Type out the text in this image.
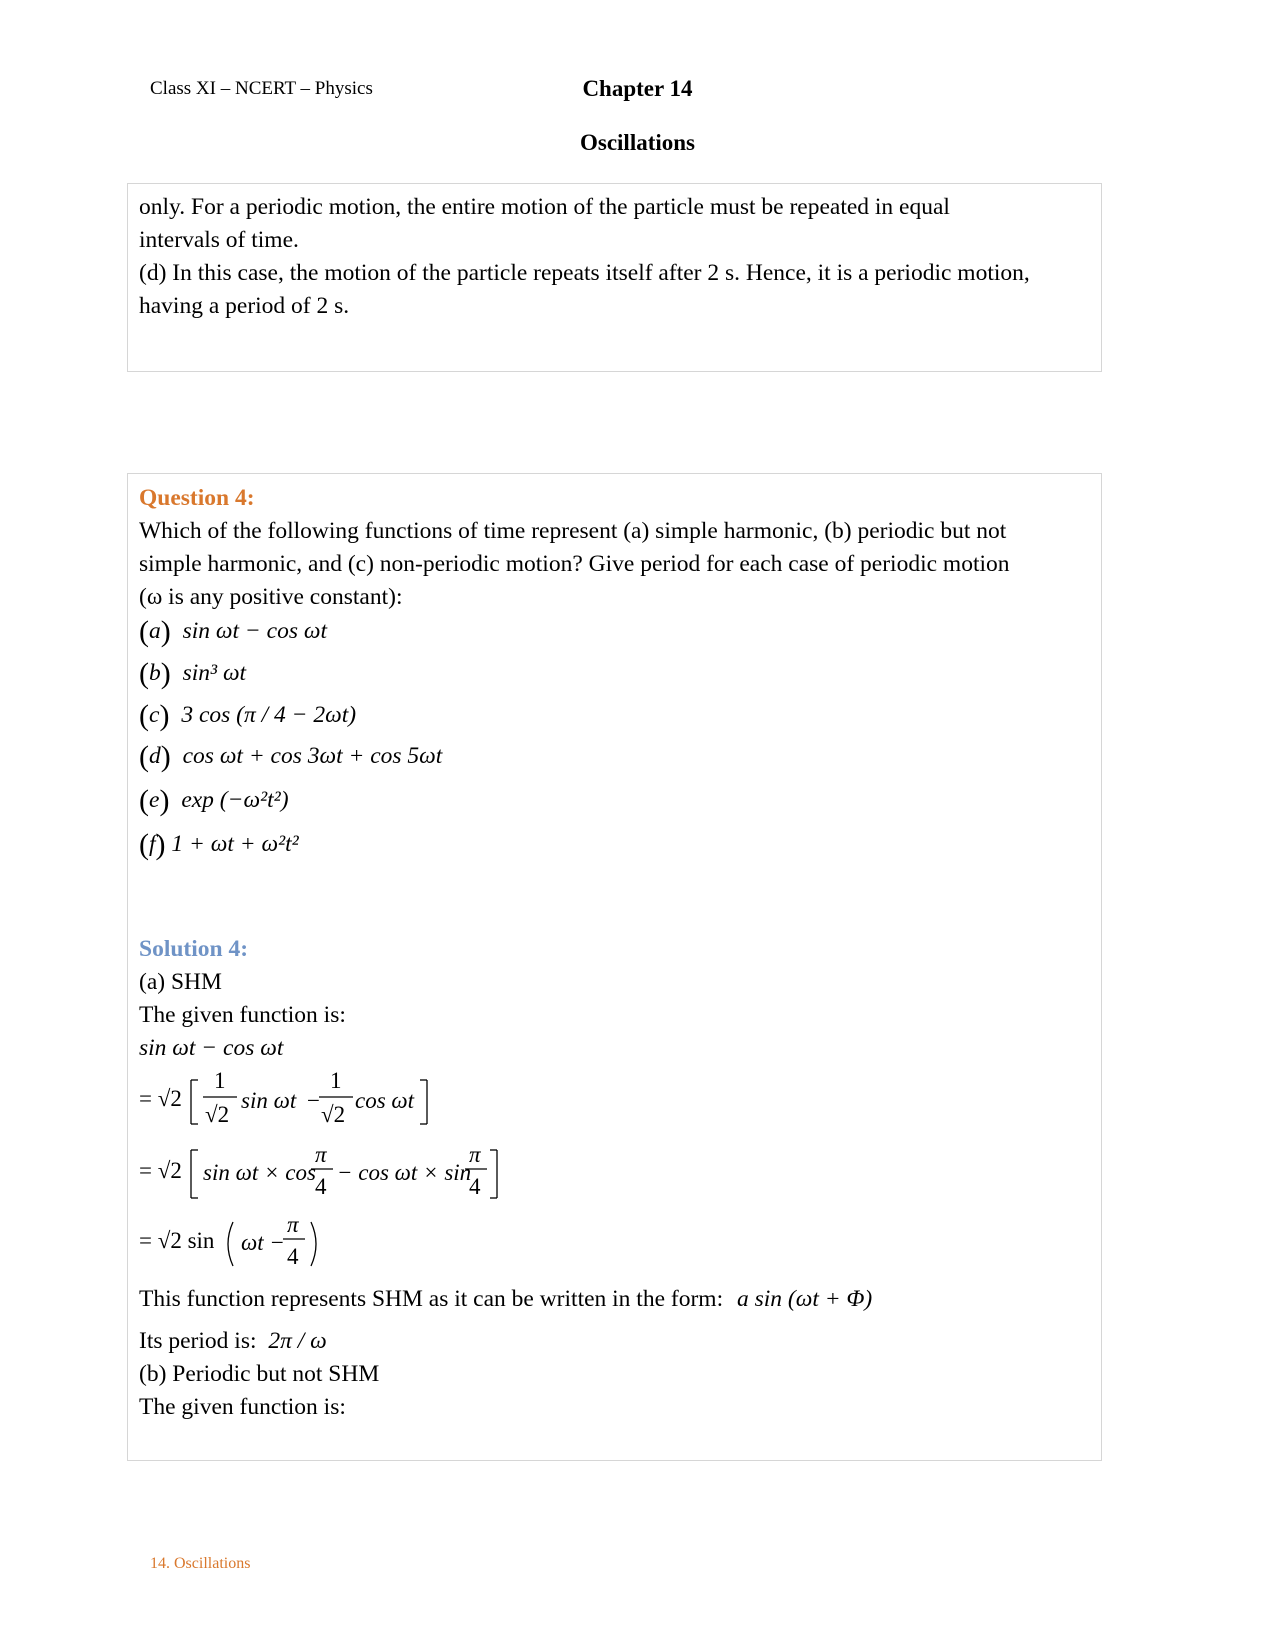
Class XI – NCERT – Physics	Chapter 14
Oscillations
only. For a periodic motion, the entire motion of the particle must be repeated in equal
intervals of time.
(d) In this case, the motion of the particle repeats itself after 2 s. Hence, it is a periodic motion,
having a period of 2 s.
Question 4:
Which of the following functions of time represent (a) simple harmonic, (b) periodic but not
simple harmonic, and (c) non-periodic motion? Give period for each case of periodic motion
(ω is any positive constant):
(a) sin ωt − cos ωt
(b) sin³ ωt
(c) 3 cos (π / 4 − 2ωt)
(d) cos ωt + cos 3ωt + cos 5ωt
(e) exp (−ω²t²)
(f) 1 + ωt + ω²t²
Solution 4:
(a) SHM
The given function is:
sin ωt − cos ωt
= √2
1
√2
sin ωt −
1
√2
cos ωt
= √2 sin ωt × cos
π
4
− cos ωt × sin
π
4
= √2 sin ωt −
π
4
This function represents SHM as it can be written in the form: a sin (ωt + Φ)
Its period is: 2π / ω
(b) Periodic but not SHM
The given function is:
14. Oscillations
